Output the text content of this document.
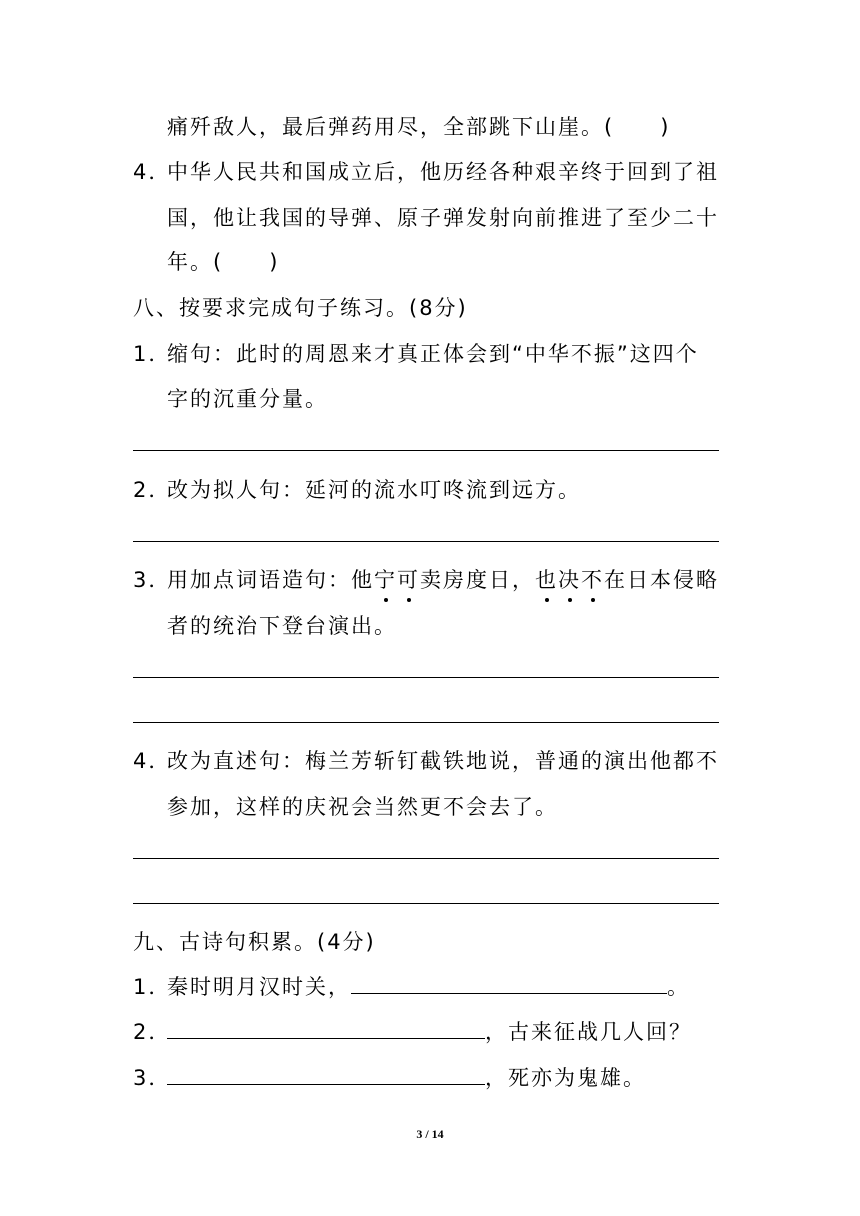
痛歼敌人，最后弹药用尽，全部跳下山崖。(　　)
4．中华人民共和国成立后，他历经各种艰辛终于回到了祖
国，他让我国的导弹、原子弹发射向前推进了至少二十
年。(　　)
八、按要求完成句子练习。(8分)
1．缩句：此时的周恩来才真正体会到“中华不振”这四个
字的沉重分量。
2．改为拟人句：延河的流水叮咚流到远方。
3．用加点词语造句：他宁可卖房度日，也决不在日本侵略
者的统治下登台演出。
4．改为直述句：梅兰芳斩钉截铁地说，普通的演出他都不
参加，这样的庆祝会当然更不会去了。
九、古诗句积累。(4分)
1．秦时明月汉时关，	。
2．	，古来征战几人回？
3．	，死亦为鬼雄。
3 / 14
